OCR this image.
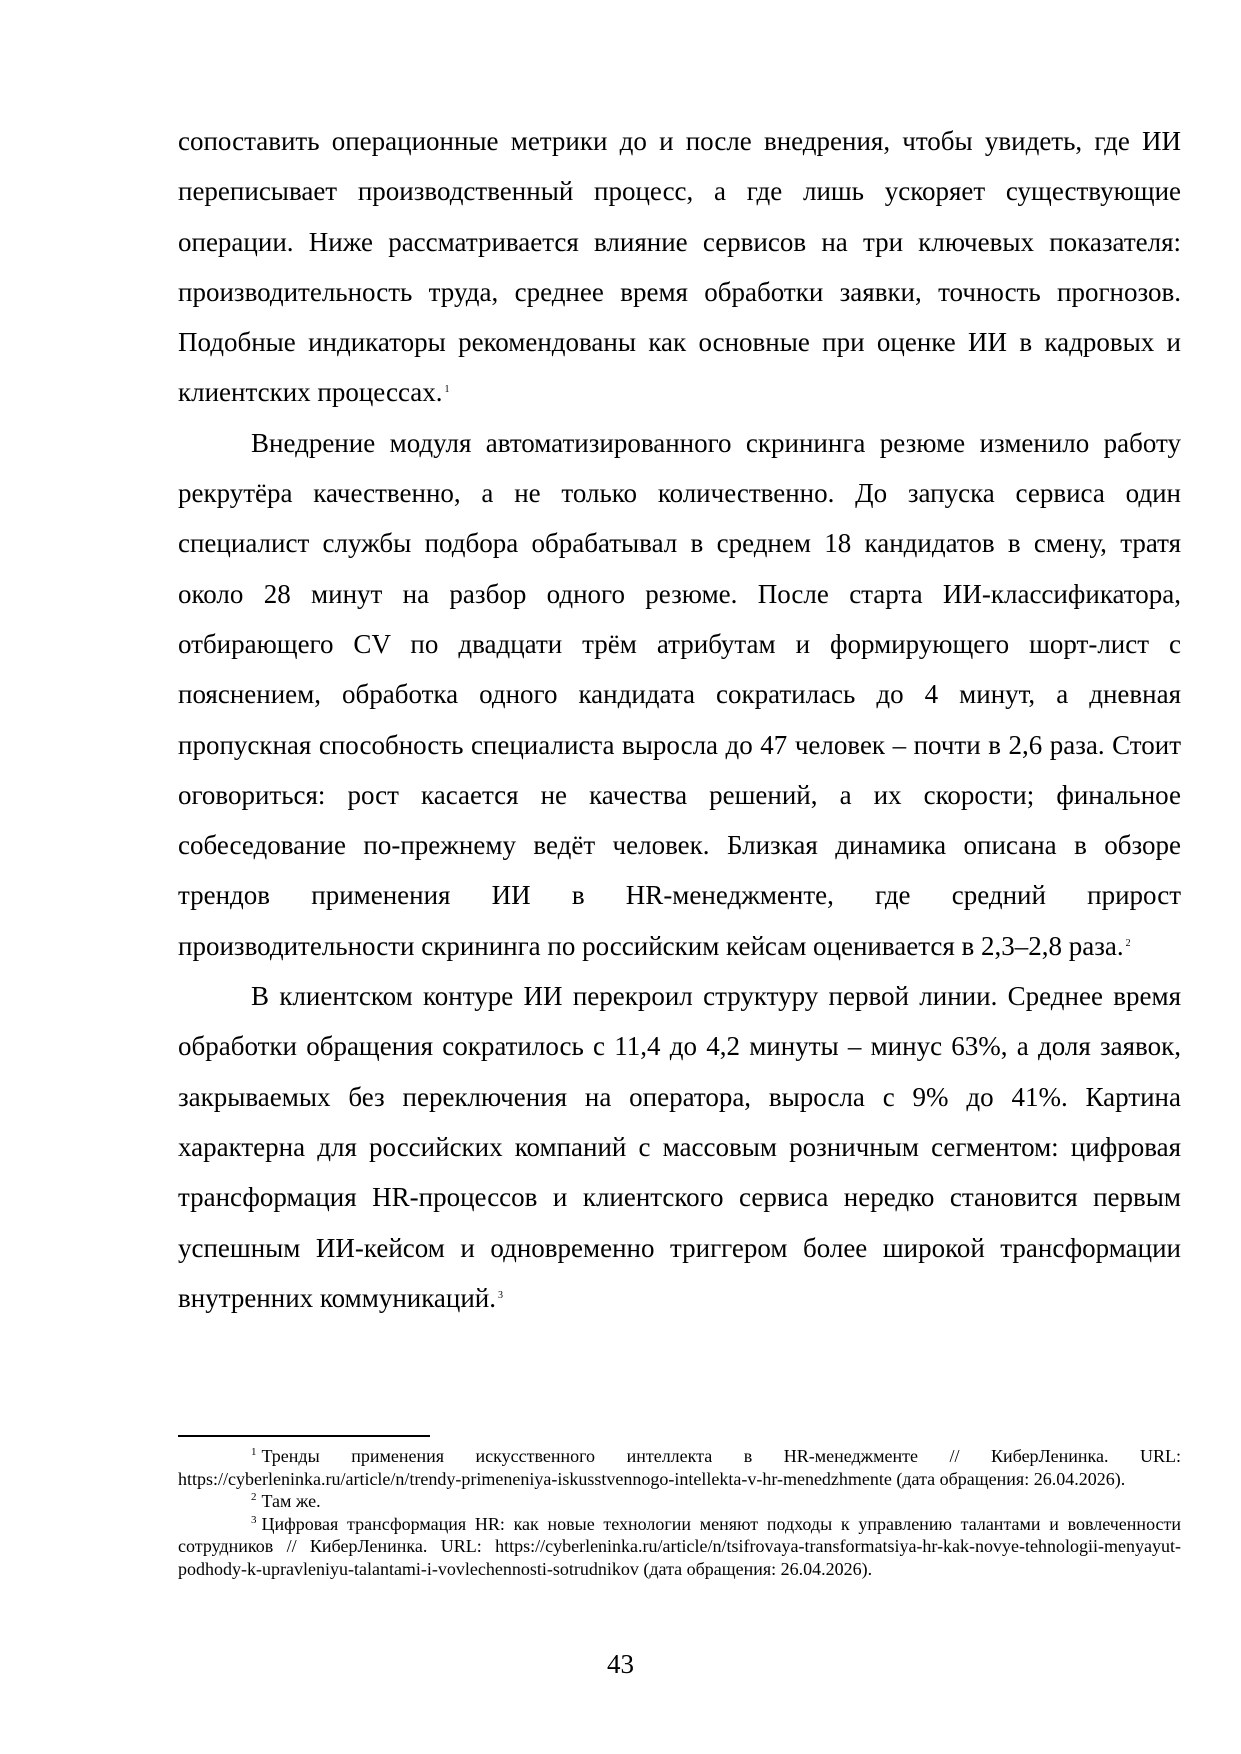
сопоставить операционные метрики до и после внедрения, чтобы увидеть, где ИИ переписывает производственный процесс, а где лишь ускоряет существующие операции. Ниже рассматривается влияние сервисов на три ключевых показателя: производительность труда, среднее время обработки заявки, точность прогнозов. Подобные индикаторы рекомендованы как основные при оценке ИИ в кадровых и клиентских процессах. $^1$

Внедрение модуля автоматизированного скрининга резюме изменило работу рекрутёра качественно, а не только количественно. До запуска сервиса один специалист службы подбора обрабатывал в среднем 18 кандидатов в смену, тратя около 28 минут на разбор одного резюме. После старта ИИ-классификатора, отбирающего CV по двадцати трём атрибутам и формирующего шорт-лист с пояснением, обработка одного кандидата сократилась до 4 минут, а дневная пропускная способность специалиста выросла до 47 человек – почти в 2,6 раза. Стоит оговориться: рост касается не качества решений, а их скорости; финальное собеседование по-прежнему ведёт человек. Близкая динамика описана в обзоре трендов применения ИИ в HR-менеджменте, где средний прирост производительности скрининга по российским кейсам оценивается в 2,3–2,8 раза. $^2$

В клиентском контуре ИИ перекроил структуру первой линии. Среднее время обработки обращения сократилось с 11,4 до 4,2 минуты – минус 63%, а доля заявок, закрываемых без переключения на оператора, выросла с 9% до 41%. Картина характерна для российских компаний с массовым розничным сегментом: цифровая трансформация HR-процессов и клиентского сервиса нередко становится первым успешным ИИ-кейсом и одновременно триггером более широкой трансформации внутренних коммуникаций. $^3$

$^1$ Тренды применения искусственного интеллекта в HR-менеджменте // КиберЛенинка. URL: https://cyberleninka.ru/article/n/trendy-primeneniya-iskusstvennogo-intellekta-v-hr-menedzhmente (дата обращения: 26.04.2026).

$^2$ Там же.

$^3$ Цифровая трансформация HR: как новые технологии меняют подходы к управлению талантами и вовлеченности сотрудников // КиберЛенинка. URL: https://cyberleninka.ru/article/n/tsifrovaya-transformatsiya-hr-kak-novye-tehnologii-menyayut-podhody-k-upravleniyu-talantami-i-vovlechennosti-sotrudnikov (дата обращения: 26.04.2026).

43
